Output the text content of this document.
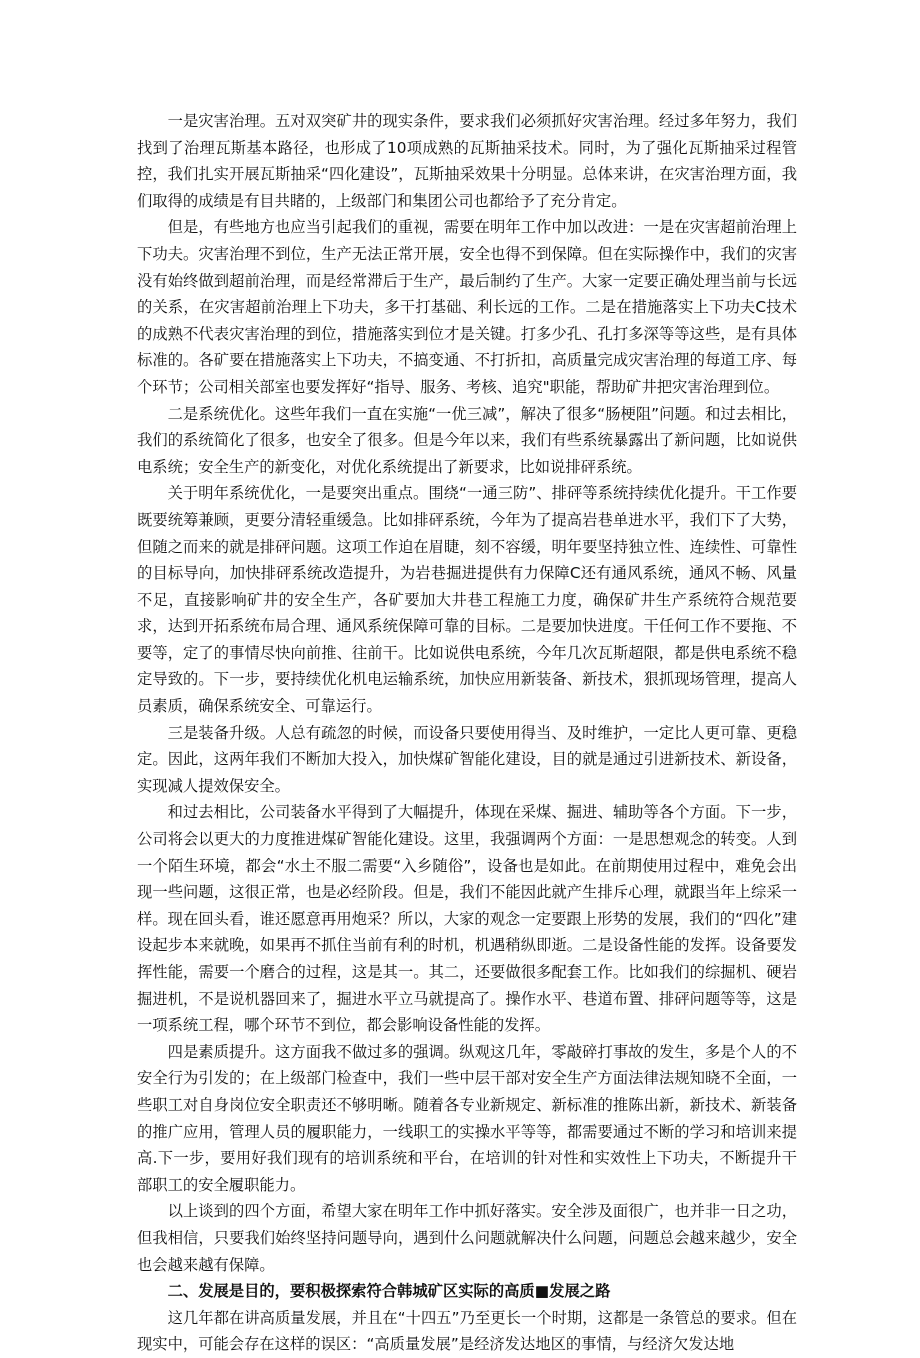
一是灾害治理。五对双突矿井的现实条件，要求我们必须抓好灾害治理。经过多年努力，我们找到了治理瓦斯基本路径，也形成了10项成熟的瓦斯抽采技术。同时，为了强化瓦斯抽采过程管控，我们扎实开展瓦斯抽采“四化建设”，瓦斯抽采效果十分明显。总体来讲，在灾害治理方面，我们取得的成绩是有目共睹的，上级部门和集团公司也都给予了充分肯定。

但是，有些地方也应当引起我们的重视，需要在明年工作中加以改进：一是在灾害超前治理上下功夫。灾害治理不到位，生产无法正常开展，安全也得不到保障。但在实际操作中，我们的灾害没有始终做到超前治理，而是经常滞后于生产，最后制约了生产。大家一定要正确处理当前与长远的关系，在灾害超前治理上下功夫，多干打基础、利长远的工作。二是在措施落实上下功夫C技术的成熟不代表灾害治理的到位，措施落实到位才是关键。打多少孔、孔打多深等等这些，是有具体标准的。各矿要在措施落实上下功夫，不搞变通、不打折扣，高质量完成灾害治理的每道工序、每个环节；公司相关部室也要发挥好“指导、服务、考核、追究"职能，帮助矿井把灾害治理到位。

二是系统优化。这些年我们一直在实施“一优三减”，解决了很多“肠梗阻”问题。和过去相比，我们的系统简化了很多，也安全了很多。但是今年以来，我们有些系统暴露出了新问题，比如说供电系统；安全生产的新变化，对优化系统提出了新要求，比如说排砰系统。

关于明年系统优化，一是要突出重点。围绕“一通三防”、排砰等系统持续优化提升。干工作要既要统筹兼顾，更要分清轻重缓急。比如排砰系统，今年为了提高岩巷单进水平，我们下了大势，但随之而来的就是排砰问题。这项工作迫在眉睫，刻不容缓，明年要坚持独立性、连续性、可靠性的目标导向，加快排砰系统改造提升，为岩巷掘进提供有力保障C还有通风系统，通风不畅、风量不足，直接影响矿井的安全生产，各矿要加大井巷工程施工力度，确保矿井生产系统符合规范要求，达到开拓系统布局合理、通风系统保障可靠的目标。二是要加快进度。干任何工作不要拖、不要等，定了的事情尽快向前推、往前干。比如说供电系统，今年几次瓦斯超限，都是供电系统不稳定导致的。下一步，要持续优化机电运输系统，加快应用新装备、新技术，狠抓现场管理，提高人员素质，确保系统安全、可靠运行。

三是装备升级。人总有疏忽的时候，而设备只要使用得当、及时维护，一定比人更可靠、更稳定。因此，这两年我们不断加大投入，加快煤矿智能化建设，目的就是通过引进新技术、新设备，实现减人提效保安全。

和过去相比，公司装备水平得到了大幅提升，体现在采煤、掘进、辅助等各个方面。下一步，公司将会以更大的力度推进煤矿智能化建设。这里，我强调两个方面：一是思想观念的转变。人到一个陌生环境，都会“水土不服二需要“入乡随俗”，设备也是如此。在前期使用过程中，难免会出现一些问题，这很正常，也是必经阶段。但是，我们不能因此就产生排斥心理，就跟当年上综采一样。现在回头看，谁还愿意再用炮采？所以，大家的观念一定要跟上形势的发展，我们的“四化”建设起步本来就晚，如果再不抓住当前有利的时机，机遇稍纵即逝。二是设备性能的发挥。设备要发挥性能，需要一个磨合的过程，这是其一。其二，还要做很多配套工作。比如我们的综掘机、硬岩掘进机，不是说机器回来了，掘进水平立马就提高了。操作水平、巷道布置、排砰问题等等，这是一项系统工程，哪个环节不到位，都会影响设备性能的发挥。

四是素质提升。这方面我不做过多的强调。纵观这几年，零敲碎打事故的发生，多是个人的不安全行为引发的；在上级部门检查中，我们一些中层干部对安全生产方面法律法规知晓不全面，一些职工对自身岗位安全职责还不够明晰。随着各专业新规定、新标准的推陈出新，新技术、新装备的推广应用，管理人员的履职能力，一线职工的实操水平等等，都需要通过不断的学习和培训来提高.下一步，要用好我们现有的培训系统和平台，在培训的针对性和实效性上下功夫，不断提升干部职工的安全履职能力。

以上谈到的四个方面，希望大家在明年工作中抓好落实。安全涉及面很广，也并非一日之功，但我相信，只要我们始终坚持问题导向，遇到什么问题就解决什么问题，问题总会越来越少，安全也会越来越有保障。

二、发展是目的，要积极探索符合韩城矿区实际的高质■发展之路

这几年都在讲高质量发展，并且在“十四五”乃至更长一个时期，这都是一条管总的要求。但在现实中，可能会存在这样的误区：“高质量发展”是经济发达地区的事情，与经济欠发达地
